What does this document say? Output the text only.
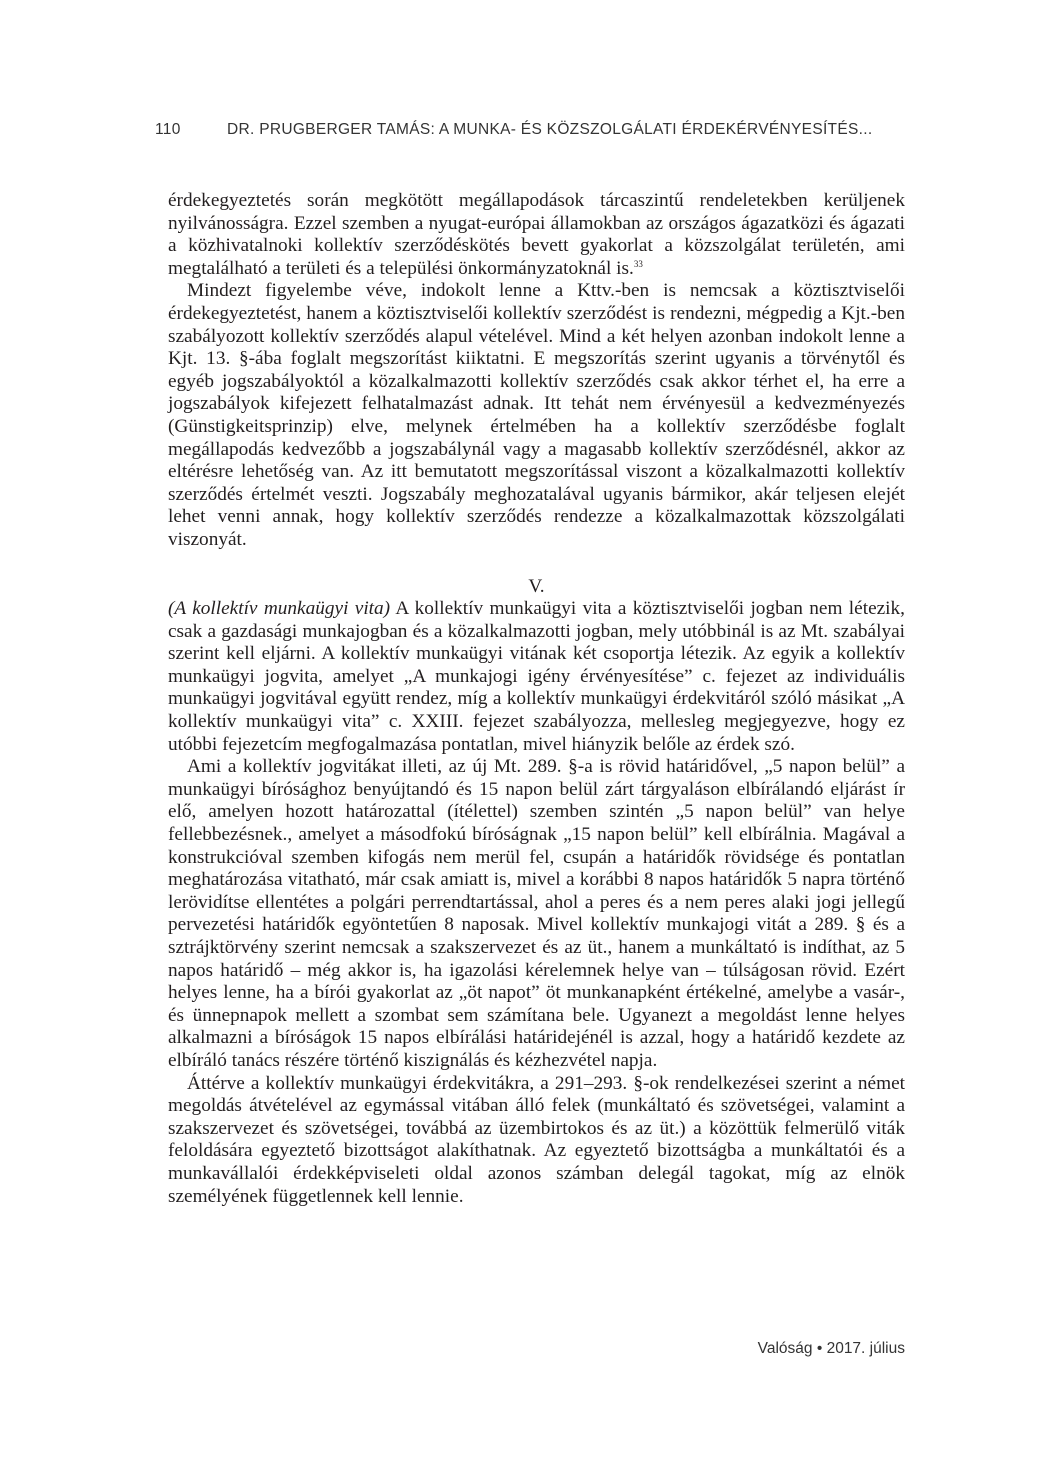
110	DR. PRUGBERGER TAMÁS: A MUNKA- ÉS KÖZSZOLGÁLATI ÉRDEKÉRVÉNYESÍTÉS...

érdekegyeztetés során megkötött megállapodások tárcaszintű rendeletekben kerüljenek nyilvánosságra. Ezzel szemben a nyugat-európai államokban az országos ágazatközi és ágazati a közhivatalnoki kollektív szerződéskötés bevett gyakorlat a közszolgálat területén, ami megtalálható a területi és a települési önkormányzatoknál is.$^{33}$

Mindezt figyelembe véve, indokolt lenne a Kttv.-ben is nemcsak a köztisztviselői érdekegyeztetést, hanem a köztisztviselői kollektív szerződést is rendezni, mégpedig a Kjt.-ben szabályozott kollektív szerződés alapul vételével. Mind a két helyen azonban indokolt lenne a Kjt. 13. §-ába foglalt megszorítást kiiktatni. E megszorítás szerint ugyanis a törvénytől és egyéb jogszabályoktól a közalkalmazotti kollektív szerződés csak akkor térhet el, ha erre a jogszabályok kifejezett felhatalmazást adnak. Itt tehát nem érvényesül a kedvezményezés (Günstigkeitsprinzip) elve, melynek értelmében ha a kollektív szerződésbe foglalt megállapodás kedvezőbb a jogszabálynál vagy a magasabb kollektív szerződésnél, akkor az eltérésre lehetőség van. Az itt bemutatott megszorítással viszont a közalkalmazotti kollektív szerződés értelmét veszti. Jogszabály meghozatalával ugyanis bármikor, akár teljesen elejét lehet venni annak, hogy kollektív szerződés rendezze a közalkalmazottak közszolgálati viszonyát.

V.

(A kollektív munkaügyi vita) A kollektív munkaügyi vita a köztisztviselői jogban nem létezik, csak a gazdasági munkajogban és a közalkalmazotti jogban, mely utóbbinál is az Mt. szabályai szerint kell eljárni. A kollektív munkaügyi vitának két csoportja létezik. Az egyik a kollektív munkaügyi jogvita, amelyet „A munkajogi igény érvényesítése” c. fejezet az individuális munkaügyi jogvitával együtt rendez, míg a kollektív munkaügyi érdekvitáról szóló másikat „A kollektív munkaügyi vita” c. XXIII. fejezet szabályozza, mellesleg megjegyezve, hogy ez utóbbi fejezetcím megfogalmazása pontatlan, mivel hiányzik belőle az érdek szó.

Ami a kollektív jogvitákat illeti, az új Mt. 289. §-a is rövid határidővel, „5 napon belül” a munkaügyi bírósághoz benyújtandó és 15 napon belül zárt tárgyaláson elbírálandó eljárást ír elő, amelyen hozott határozattal (ítélettel) szemben szintén „5 napon belül” van helye fellebbezésnek., amelyet a másodfokú bíróságnak „15 napon belül” kell elbírálnia. Magával a konstrukcióval szemben kifogás nem merül fel, csupán a határidők rövidsége és pontatlan meghatározása vitatható, már csak amiatt is, mivel a korábbi 8 napos határidők 5 napra történő lerövidítse ellentétes a polgári perrendtartással, ahol a peres és a nem peres alaki jogi jellegű pervezetési határidők egyöntetűen 8 naposak. Mivel kollektív munkajogi vitát a 289. § és a sztrájktörvény szerint nemcsak a szakszervezet és az üt., hanem a munkáltató is indíthat, az 5 napos határidő – még akkor is, ha igazolási kérelemnek helye van – túlságosan rövid. Ezért helyes lenne, ha a bírói gyakorlat az „öt napot” öt munkanapként értékelné, amelybe a vasár-, és ünnepnapok mellett a szombat sem számítana bele. Ugyanezt a megoldást lenne helyes alkalmazni a bíróságok 15 napos elbírálási határidejénél is azzal, hogy a határidő kezdete az elbíráló tanács részére történő kiszignálás és kézhezvétel napja.

Áttérve a kollektív munkaügyi érdekvitákra, a 291–293. §-ok rendelkezései szerint a német megoldás átvételével az egymással vitában álló felek (munkáltató és szövetségei, valamint a szakszervezet és szövetségei, továbbá az üzembirtokos és az üt.) a közöttük felmerülő viták feloldására egyeztető bizottságot alakíthatnak. Az egyeztető bizottságba a munkáltatói és a munkavállalói érdekképviseleti oldal azonos számban delegál tagokat, míg az elnök személyének függetlennek kell lennie.

Valóság • 2017. július
